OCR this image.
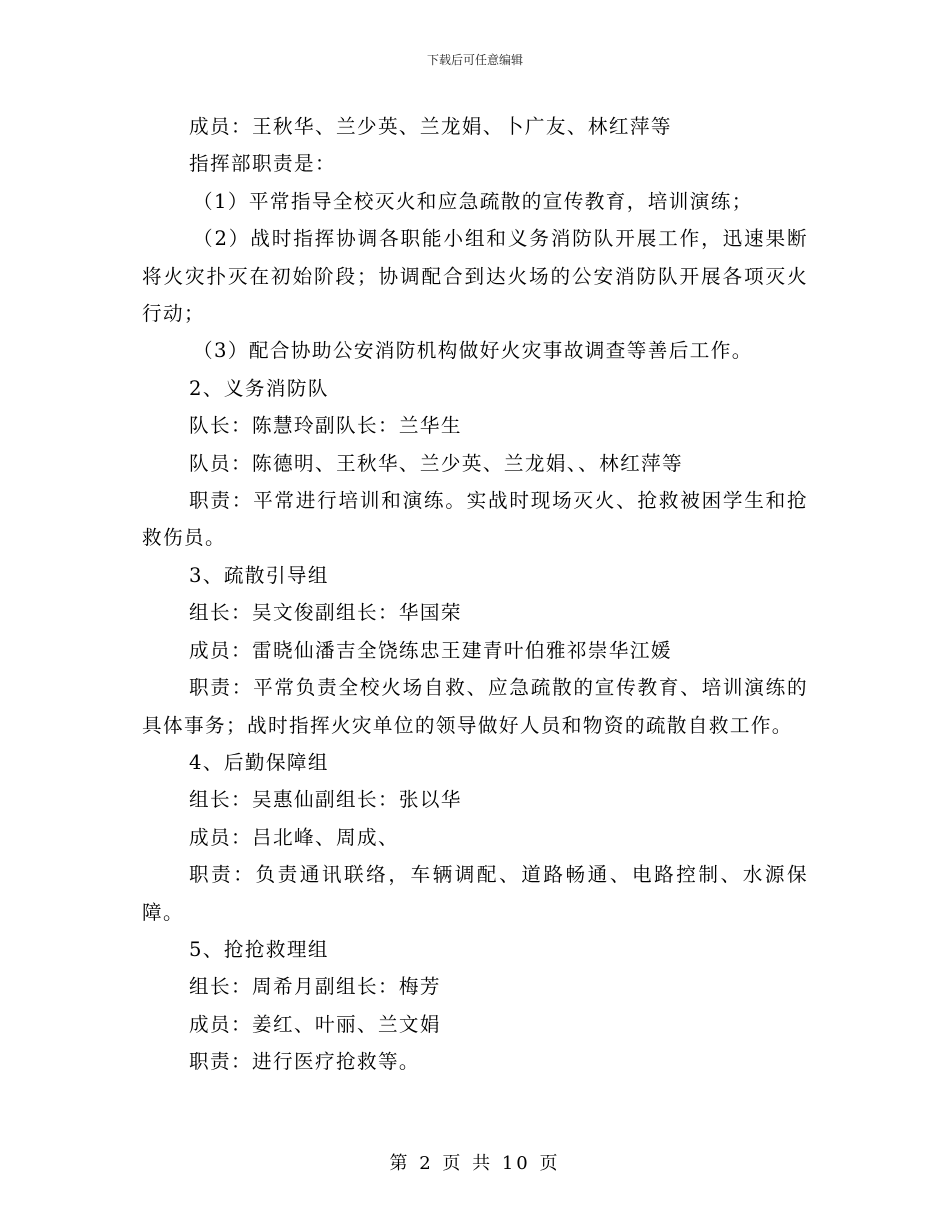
下载后可任意编辑

成员：王秋华、兰少英、兰龙娟、卜广友、林红萍等

指挥部职责是：

（1）平常指导全校灭火和应急疏散的宣传教育，培训演练；

（2）战时指挥协调各职能小组和义务消防队开展工作，迅速果断将火灾扑灭在初始阶段；协调配合到达火场的公安消防队开展各项灭火行动；

（3）配合协助公安消防机构做好火灾事故调查等善后工作。

2、义务消防队

队长：陈慧玲副队长：兰华生

队员：陈德明、王秋华、兰少英、兰龙娟、、林红萍等

职责：平常进行培训和演练。实战时现场灭火、抢救被困学生和抢救伤员。

3、疏散引导组

组长：吴文俊副组长：华国荣

成员：雷晓仙潘吉全饶练忠王建青叶伯雅祁崇华江媛

职责：平常负责全校火场自救、应急疏散的宣传教育、培训演练的具体事务；战时指挥火灾单位的领导做好人员和物资的疏散自救工作。

4、后勤保障组

组长：吴惠仙副组长：张以华

成员：吕北峰、周成、

职责：负责通讯联络，车辆调配、道路畅通、电路控制、水源保障。

5、抢抢救理组

组长：周希月副组长：梅芳

成员：姜红、叶丽、兰文娟

职责：进行医疗抢救等。

第 2 页 共 10 页
